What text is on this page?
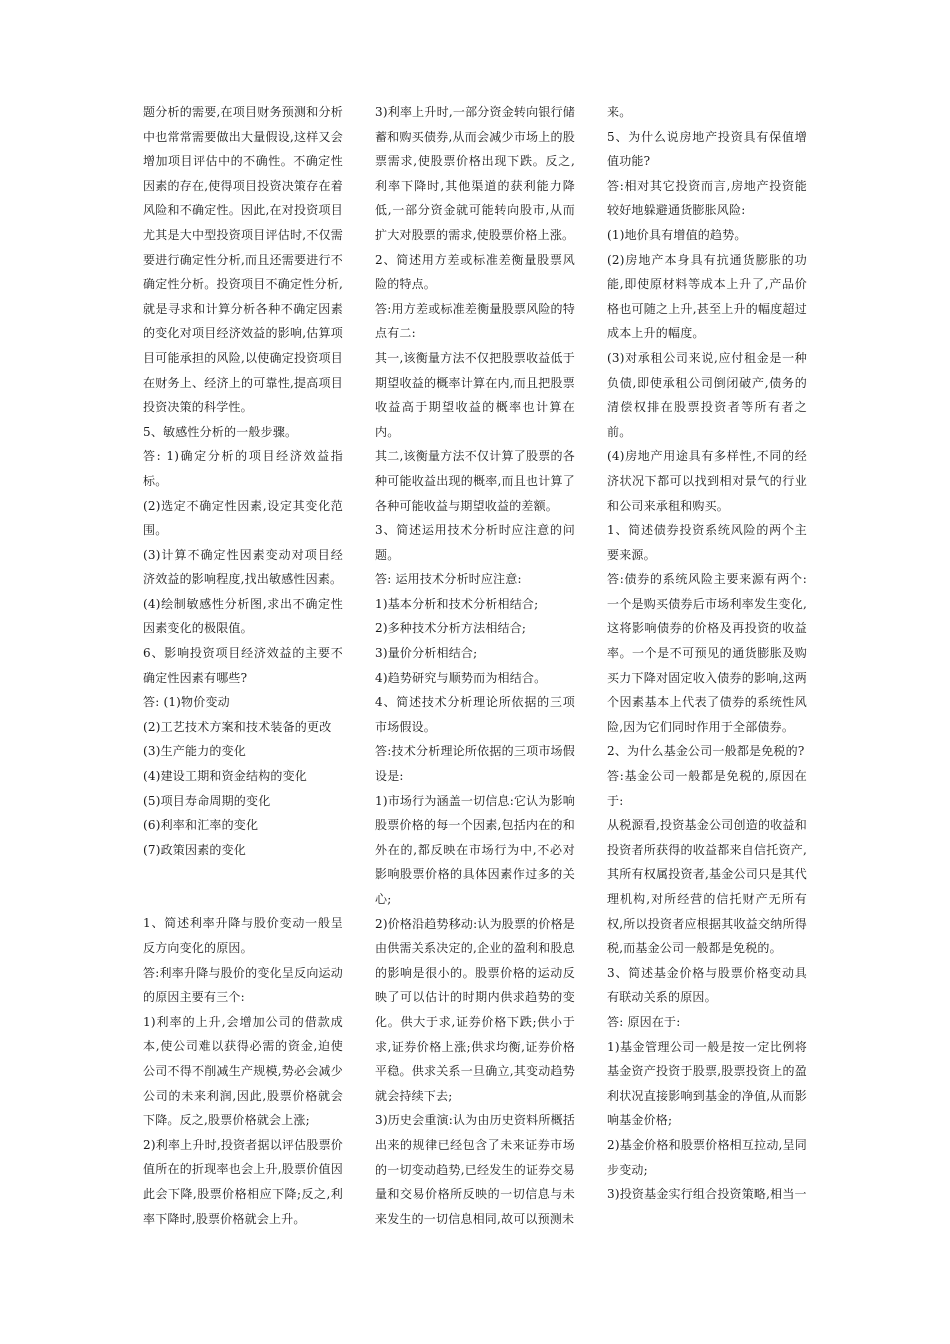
题分析的需要,在项目财务预测和分析中也常常需要做出大量假设,这样又会增加项目评估中的不确性。不确定性因素的存在,使得项目投资决策存在着风险和不确定性。因此,在对投资项目尤其是大中型投资项目评估时,不仅需要进行确定性分析,而且还需要进行不确定性分析。投资项目不确定性分析,就是寻求和计算分析各种不确定因素的变化对项目经济效益的影响,估算项目可能承担的风险,以使确定投资项目在财务上、经济上的可靠性,提高项目投资决策的科学性。

5、敏感性分析的一般步骤。

答: 1)确定分析的项目经济效益指标。

(2)选定不确定性因素,设定其变化范围。

(3)计算不确定性因素变动对项目经济效益的影响程度,找出敏感性因素。

(4)绘制敏感性分析图,求出不确定性因素变化的极限值。

6、影响投资项目经济效益的主要不确定性因素有哪些?

答: (1)物价变动

(2)工艺技术方案和技术装备的更改

(3)生产能力的变化

(4)建设工期和资金结构的变化

(5)项目寿命周期的变化

(6)利率和汇率的变化

(7)政策因素的变化

1、简述利率升降与股价变动一般呈反方向变化的原因。

答:利率升降与股价的变化呈反向运动的原因主要有三个:

1)利率的上升,会增加公司的借款成本,使公司难以获得必需的资金,迫使公司不得不削减生产规模,势必会减少公司的未来利润,因此,股票价格就会下降。反之,股票价格就会上涨;

2)利率上升时,投资者据以评估股票价值所在的折现率也会上升,股票价值因此会下降,股票价格相应下降;反之,利率下降时,股票价格就会上升。

3)利率上升时,一部分资金转向银行储蓄和购买债券,从而会减少市场上的股票需求,使股票价格出现下跌。反之,利率下降时,其他渠道的获利能力降低,一部分资金就可能转向股市,从而扩大对股票的需求,使股票价格上涨。

2、简述用方差或标准差衡量股票风险的特点。

答:用方差或标准差衡量股票风险的特点有二:

其一,该衡量方法不仅把股票收益低于期望收益的概率计算在内,而且把股票收益高于期望收益的概率也计算在内。

其二,该衡量方法不仅计算了股票的各种可能收益出现的概率,而且也计算了各种可能收益与期望收益的差额。

3、简述运用技术分析时应注意的问题。

答: 运用技术分析时应注意:

1)基本分析和技术分析相结合;

2)多种技术分析方法相结合;

3)量价分析相结合;

4)趋势研究与顺势而为相结合。

4、简述技术分析理论所依据的三项市场假设。

答:技术分析理论所依据的三项市场假设是:

1)市场行为涵盖一切信息:它认为影响股票价格的每一个因素,包括内在的和外在的,都反映在市场行为中,不必对影响股票价格的具体因素作过多的关心;

2)价格沿趋势移动:认为股票的价格是由供需关系决定的,企业的盈利和股息的影响是很小的。股票价格的运动反映了可以估计的时期内供求趋势的变化。供大于求,证券价格下跌;供小于求,证券价格上涨;供求均衡,证券价格平稳。供求关系一旦确立,其变动趋势就会持续下去;

3)历史会重演:认为由历史资料所概括出来的规律已经包含了未来证券市场的一切变动趋势,已经发生的证券交易量和交易价格所反映的一切信息与未来发生的一切信息相同,故可以预测未

来。

5、为什么说房地产投资具有保值增值功能?

答:相对其它投资而言,房地产投资能较好地躲避通货膨胀风险:

(1)地价具有增值的趋势。

(2)房地产本身具有抗通货膨胀的功能,即使原材料等成本上升了,产品价格也可随之上升,甚至上升的幅度超过成本上升的幅度。

(3)对承租公司来说,应付租金是一种负债,即使承租公司倒闭破产,债务的清偿权排在股票投资者等所有者之前。

(4)房地产用途具有多样性,不同的经济状况下都可以找到相对景气的行业和公司来承租和购买。

1、简述债券投资系统风险的两个主要来源。

答:债券的系统风险主要来源有两个:一个是购买债券后市场利率发生变化,这将影响债券的价格及再投资的收益率。一个是不可预见的通货膨胀及购买力下降对固定收入债券的影响,这两个因素基本上代表了债券的系统性风险,因为它们同时作用于全部债券。

2、为什么基金公司一般都是免税的?

答:基金公司一般都是免税的,原因在于:

从税源看,投资基金公司创造的收益和投资者所获得的收益都来自信托资产,其所有权属投资者,基金公司只是其代理机构,对所经营的信托财产无所有权,所以投资者应根据其收益交纳所得税,而基金公司一般都是免税的。

3、简述基金价格与股票价格变动具有联动关系的原因。

答: 原因在于:

1)基金管理公司一般是按一定比例将基金资产投资于股票,股票投资上的盈利状况直接影响到基金的净值,从而影响基金价格;

2)基金价格和股票价格相互拉动,呈同步变动;

3)投资基金实行组合投资策略,相当一
